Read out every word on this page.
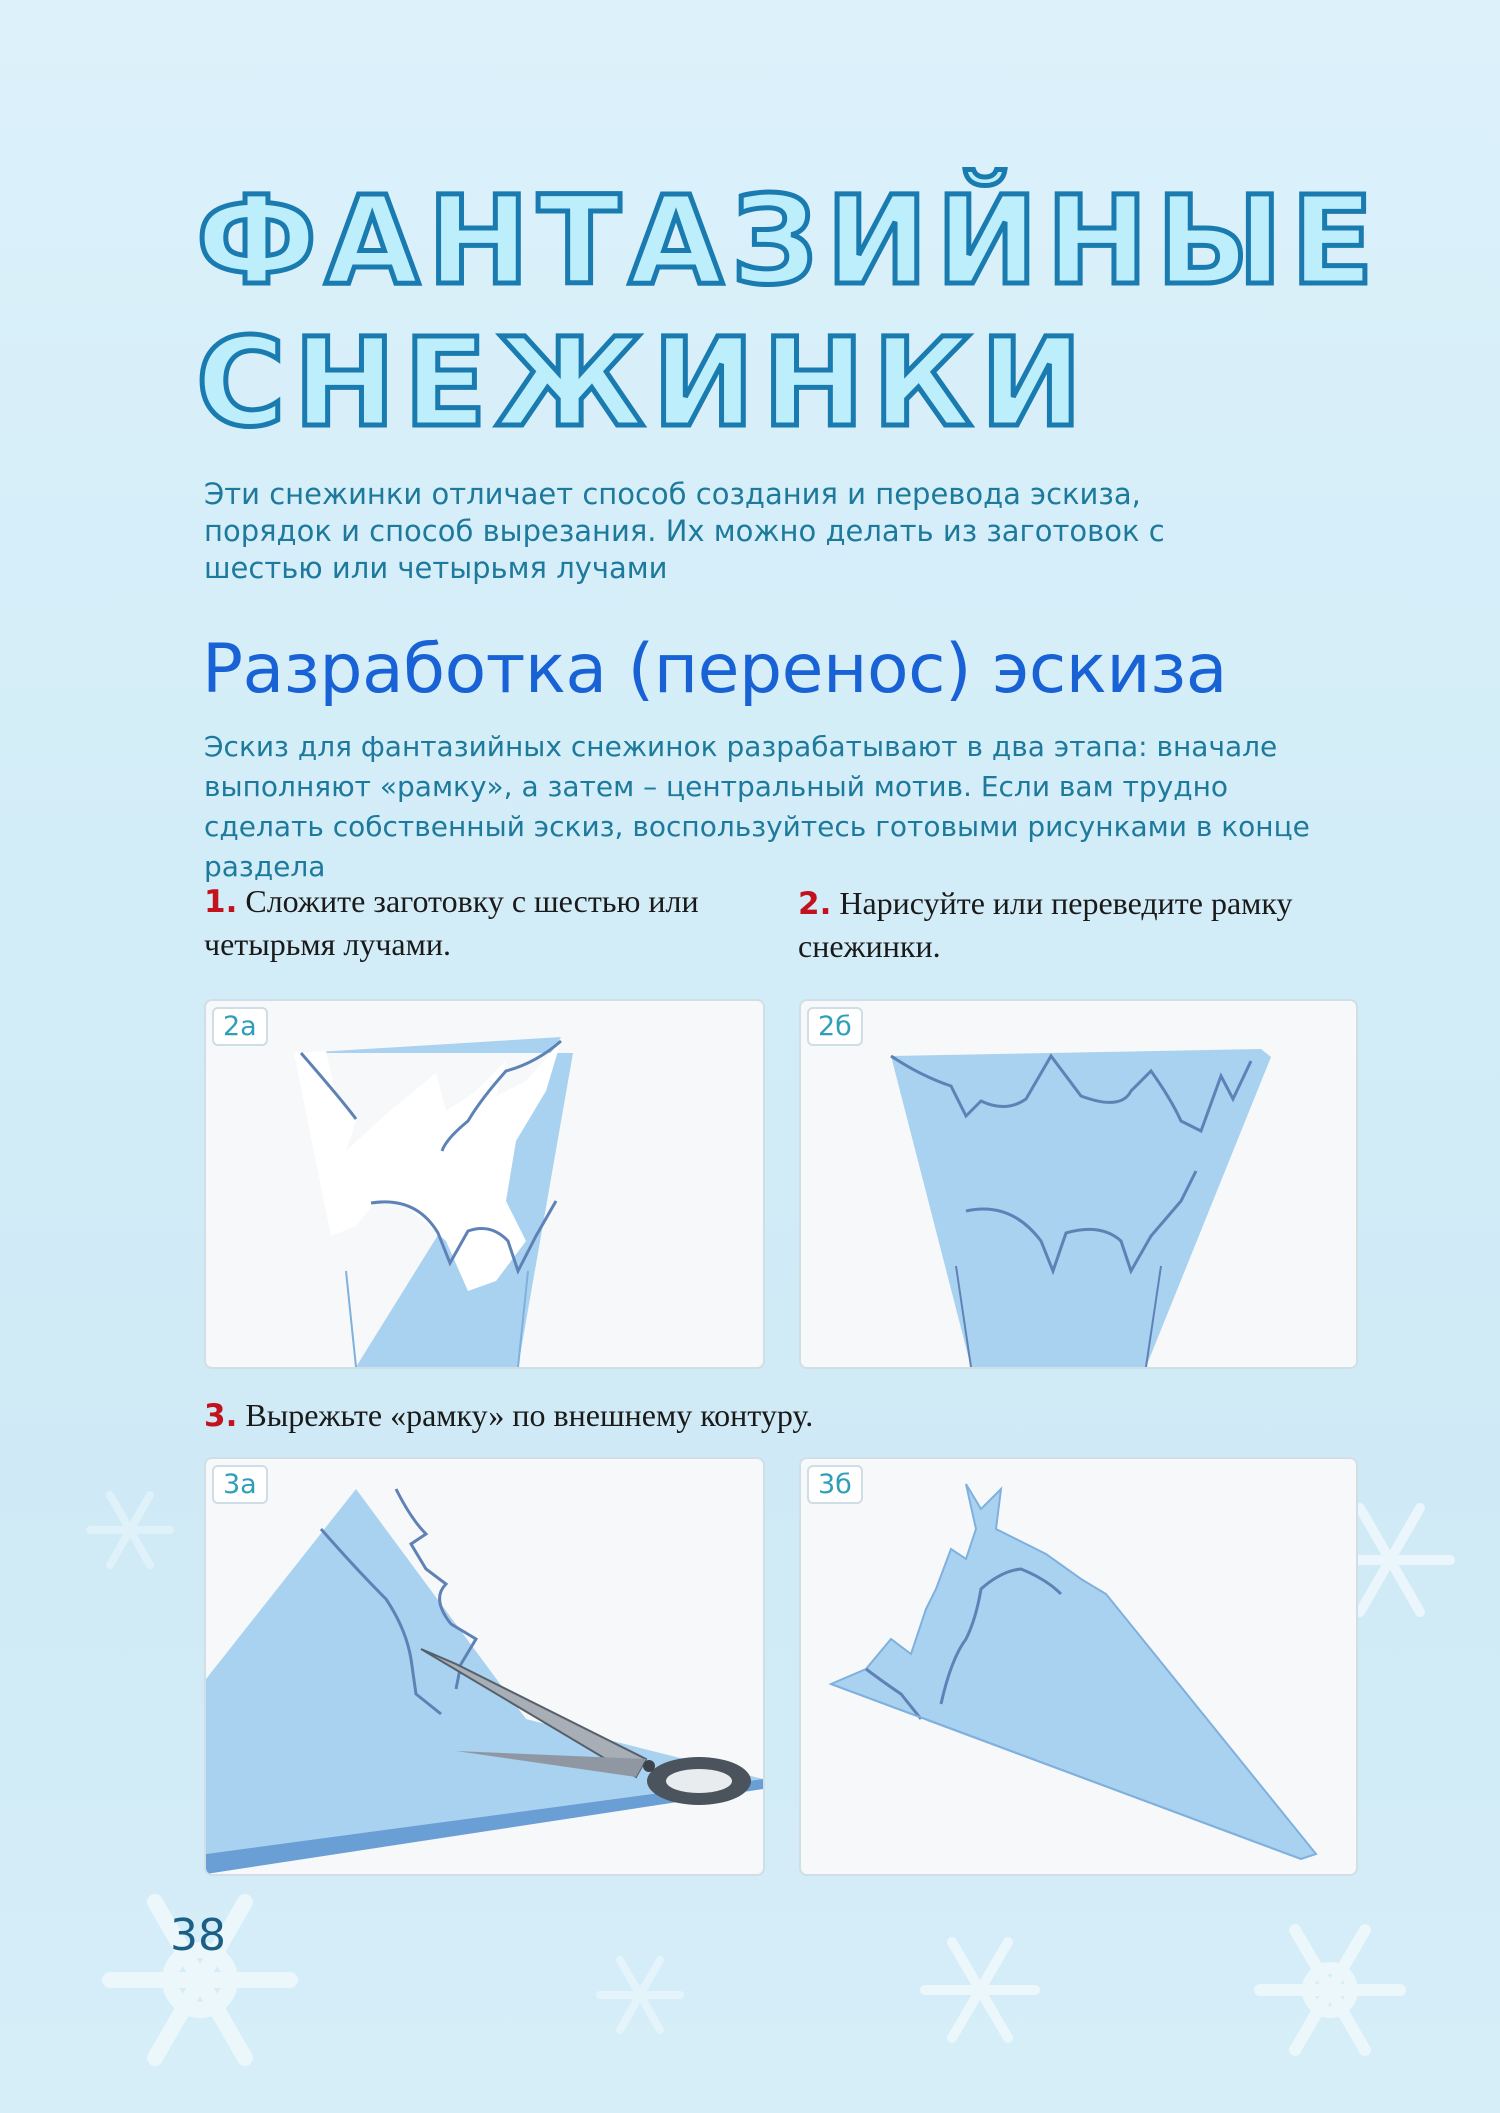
ФАНТАЗИЙНЫЕ
СНЕЖИНКИ

Эти снежинки отличает способ создания и перевода эскиза, порядок и способ вырезания. Их можно делать из заготовок с шестью или четырьмя лучами

Разработка (перенос) эскиза

Эскиз для фантазийных снежинок разрабатывают в два этапа: вначале выполняют «рамку», а затем – центральный мотив. Если вам трудно сделать собственный эскиз, воспользуйтесь готовыми рисунками в конце раздела

1. Сложите заготовку с шестью или четырьмя лучами.

2. Нарисуйте или переведите рамку снежинки.

2а	2б

3. Вырежьте «рамку» по внешнему контуру.

3а	3б

38
